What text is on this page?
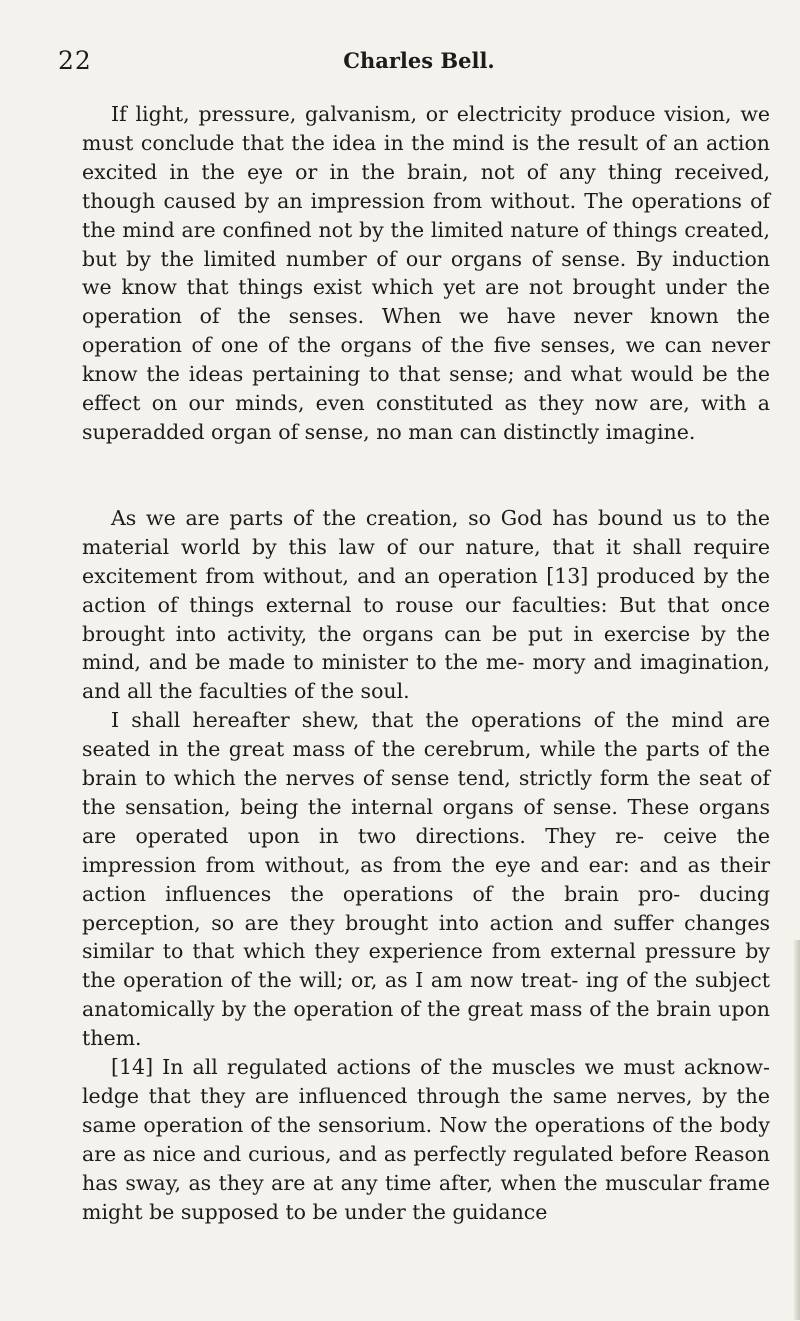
22	Charles Bell.

If light, pressure, galvanism, or electricity produce vision, we must conclude that the idea in the mind is the result of an action excited in the eye or in the brain, not of any thing received, though caused by an impression from without. The operations of the mind are confined not by the limited nature of things created, but by the limited number of our organs of sense. By induction we know that things exist which yet are not brought under the operation of the senses. When we have never known the operation of one of the organs of the five senses, we can never know the ideas pertaining to that sense; and what would be the effect on our minds, even constituted as they now are, with a superadded organ of sense, no man can distinctly imagine.

As we are parts of the creation, so God has bound us to the material world by this law of our nature, that it shall require excitement from without, and an operation [13] produced by the action of things external to rouse our faculties: But that once brought into activity, the organs can be put in exercise by the mind, and be made to minister to the me- mory and imagination, and all the faculties of the soul.

I shall hereafter shew, that the operations of the mind are seated in the great mass of the cerebrum, while the parts of the brain to which the nerves of sense tend, strictly form the seat of the sensation, being the internal organs of sense. These organs are operated upon in two directions. They re- ceive the impression from without, as from the eye and ear: and as their action influences the operations of the brain pro- ducing perception, so are they brought into action and suffer changes similar to that which they experience from external pressure by the operation of the will; or, as I am now treat- ing of the subject anatomically by the operation of the great mass of the brain upon them.

[14] In all regulated actions of the muscles we must acknow- ledge that they are influenced through the same nerves, by the same operation of the sensorium. Now the operations of the body are as nice and curious, and as perfectly regulated before Reason has sway, as they are at any time after, when the muscular frame might be supposed to be under the guidance
